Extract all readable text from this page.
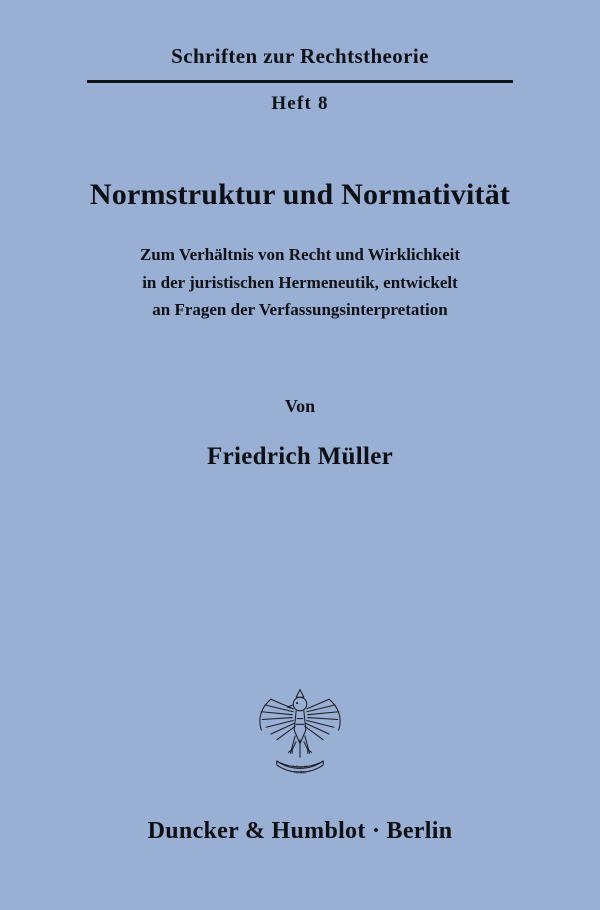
Schriften zur Rechtstheorie
Heft 8
Normstruktur und Normativität
Zum Verhältnis von Recht und Wirklichkeit
in der juristischen Hermeneutik, entwickelt
an Fragen der Verfassungsinterpretation
Von
Friedrich Müller
Vincit
veritas
Duncker & Humblot · Berlin
